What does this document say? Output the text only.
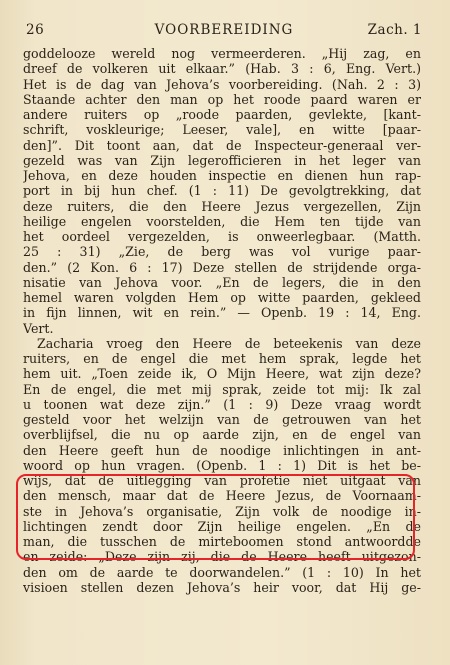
26	VOORBEREIDING	Zach. 1
goddelooze wereld nog vermeerderen. „Hij zag, en
dreef de volkeren uit elkaar.” (Hab. 3 : 6, Eng. Vert.)
Het is de dag van Jehova’s voorbereiding. (Nah. 2 : 3)
Staande achter den man op het roode paard waren er
andere ruiters op „roode paarden, gevlekte, [kant-
schrift, voskleurige; Leeser, vale], en witte [paar-
den]”. Dit toont aan, dat de Inspecteur-generaal ver-
gezeld was van Zijn legerofficieren in het leger van
Jehova, en deze houden inspectie en dienen hun rap-
port in bij hun chef. (1 : 11) De gevolgtrekking, dat
deze ruiters, die den Heere Jezus vergezellen, Zijn
heilige engelen voorstelden, die Hem ten tijde van
het oordeel vergezelden, is onweerlegbaar. (Matth.
25 : 31) „Zie, de berg was vol vurige paar-
den.” (2 Kon. 6 : 17) Deze stellen de strijdende orga-
nisatie van Jehova voor. „En de legers, die in den
hemel waren volgden Hem op witte paarden, gekleed
in fijn linnen, wit en rein.” — Openb. 19 : 14, Eng.
Vert.
Zacharia vroeg den Heere de beteekenis van deze
ruiters, en de engel die met hem sprak, legde het
hem uit. „Toen zeide ik, O Mijn Heere, wat zijn deze?
En de engel, die met mij sprak, zeide tot mij: Ik zal
u toonen wat deze zijn.” (1 : 9) Deze vraag wordt
gesteld voor het welzijn van de getrouwen van het
overblijfsel, die nu op aarde zijn, en de engel van
den Heere geeft hun de noodige inlichtingen in ant-
woord op hun vragen. (Openb. 1 : 1) Dit is het be-
wijs, dat de uitlegging van profetie niet uitgaat van
den mensch, maar dat de Heere Jezus, de Voornaam-
ste in Jehova’s organisatie, Zijn volk de noodige in-
lichtingen zendt door Zijn heilige engelen. „En de
man, die tusschen de mirteboomen stond antwoordde
en zeide: „Deze zijn zij, die de Heere heeft uitgezon-
den om de aarde te doorwandelen.” (1 : 10) In het
visioen stellen dezen Jehova’s heir voor, dat Hij ge-
